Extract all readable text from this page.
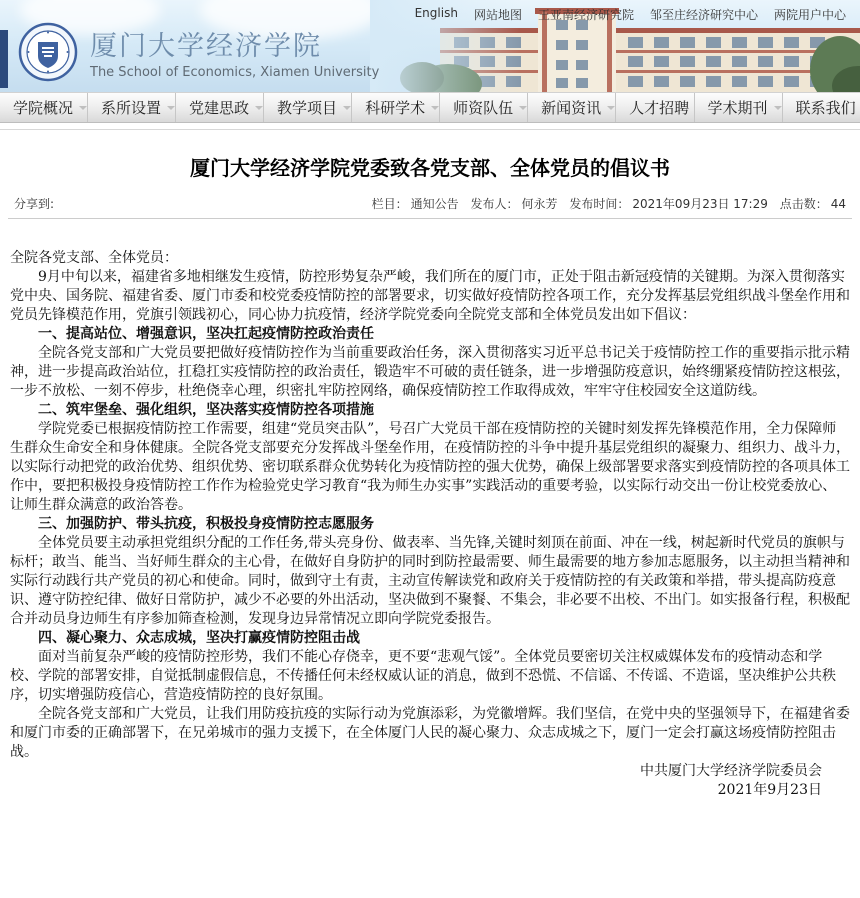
English 网站地图 王亚南经济研究院 邹至庄经济研究中心 两院用户中心
厦门大学经济学院
The School of Economics, Xiamen University
学院概况 系所设置 党建思政 教学项目 科研学术 师资队伍 新闻资讯 人才招聘 学术期刊 联系我们
厦门大学经济学院党委致各党支部、全体党员的倡议书
分享到:	栏目： 通知公告 发布人： 何永芳 发布时间： 2021年09月23日 17:29 点击数： 44

全院各党支部、全体党员：

9月中旬以来，福建省多地相继发生疫情，防控形势复杂严峻，我们所在的厦门市，正处于阻击新冠疫情的关键期。为深入贯彻落实党中央、国务院、福建省委、厦门市委和校党委疫情防控的部署要求，切实做好疫情防控各项工作，充分发挥基层党组织战斗堡垒作用和党员先锋模范作用，党旗引领践初心，同心协力抗疫情，经济学院党委向全院党支部和全体党员发出如下倡议：

一、提高站位、增强意识，坚决扛起疫情防控政治责任

全院各党支部和广大党员要把做好疫情防控作为当前重要政治任务，深入贯彻落实习近平总书记关于疫情防控工作的重要指示批示精神，进一步提高政治站位，扛稳扛实疫情防控的政治责任，锻造牢不可破的责任链条，进一步增强防疫意识，始终绷紧疫情防控这根弦，一步不放松、一刻不停步，杜绝侥幸心理，织密扎牢防控网络，确保疫情防控工作取得成效，牢牢守住校园安全这道防线。

二、筑牢堡垒、强化组织，坚决落实疫情防控各项措施

学院党委已根据疫情防控工作需要，组建“党员突击队”，号召广大党员干部在疫情防控的关键时刻发挥先锋模范作用，全力保障师生群众生命安全和身体健康。全院各党支部要充分发挥战斗堡垒作用，在疫情防控的斗争中提升基层党组织的凝聚力、组织力、战斗力，以实际行动把党的政治优势、组织优势、密切联系群众优势转化为疫情防控的强大优势，确保上级部署要求落实到疫情防控的各项具体工作中，要把积极投身疫情防控工作作为检验党史学习教育“我为师生办实事”实践活动的重要考验，以实际行动交出一份让校党委放心、让师生群众满意的政治答卷。

三、加强防护、带头抗疫，积极投身疫情防控志愿服务

全体党员要主动承担党组织分配的工作任务,带头亮身份、做表率、当先锋,关键时刻顶在前面、冲在一线，树起新时代党员的旗帜与标杆；敢当、能当、当好师生群众的主心骨，在做好自身防护的同时到防控最需要、师生最需要的地方参加志愿服务，以主动担当精神和实际行动践行共产党员的初心和使命。同时，做到守土有责，主动宣传解读党和政府关于疫情防控的有关政策和举措，带头提高防疫意识、遵守防控纪律、做好日常防护，减少不必要的外出活动，坚决做到不聚餐、不集会，非必要不出校、不出门。如实报备行程，积极配合并动员身边师生有序参加筛查检测，发现身边异常情况立即向学院党委报告。

四、凝心聚力、众志成城，坚决打赢疫情防控阻击战

面对当前复杂严峻的疫情防控形势，我们不能心存侥幸，更不要“悲观气馁”。全体党员要密切关注权威媒体发布的疫情动态和学校、学院的部署安排，自觉抵制虚假信息，不传播任何未经权威认证的消息，做到不恐慌、不信谣、不传谣、不造谣，坚决维护公共秩序，切实增强防疫信心，营造疫情防控的良好氛围。

全院各党支部和广大党员，让我们用防疫抗疫的实际行动为党旗添彩，为党徽增辉。我们坚信，在党中央的坚强领导下，在福建省委和厦门市委的正确部署下，在兄弟城市的强力支援下，在全体厦门人民的凝心聚力、众志成城之下，厦门一定会打赢这场疫情防控阻击战。

中共厦门大学经济学院委员会

2021年9月23日
